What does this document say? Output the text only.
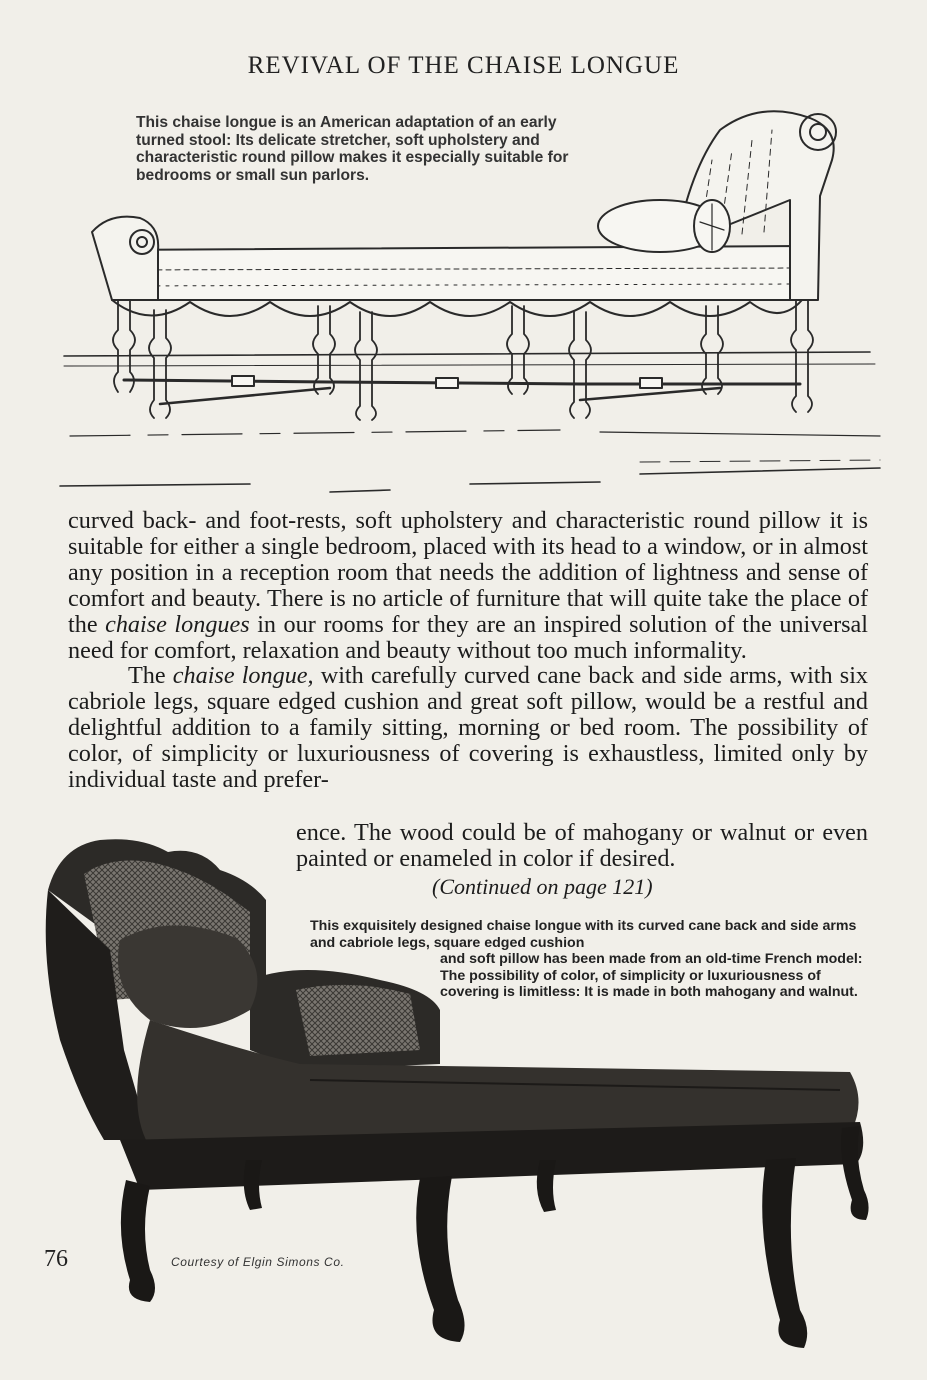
REVIVAL OF THE CHAISE LONGUE

This chaise longue is an American adaptation of an early turned stool: Its delicate stretcher, soft upholstery and characteristic round pillow makes it especially suitable for bedrooms or small sun parlors.

curved back- and foot-rests, soft upholstery and characteristic round pillow it is suitable for either a single bedroom, placed with its head to a window, or in almost any position in a reception room that needs the addition of lightness and sense of comfort and beauty. There is no article of furniture that will quite take the place of the chaise longues in our rooms for they are an inspired solution of the universal need for comfort, relaxation and beauty without too much informality.

The chaise longue, with carefully curved cane back and side arms, with six cabriole legs, square edged cushion and great soft pillow, would be a restful and delightful addition to a family sitting, morning or bed room. The possibility of color, of simplicity or luxuriousness of covering is exhaustless, limited only by individual taste and prefer-

ence. The wood could be of mahogany or walnut or even painted or enameled in color if desired.

(Continued on page 121)

This exquisitely designed chaise longue with its curved cane back and side arms and cabriole legs, square edged cushion
and soft pillow has been made from an old-time French model: The possibility of color, of simplicity or luxuriousness of covering is limitless: It is made in both mahogany and walnut.

76	Courtesy of Elgin Simons Co.
